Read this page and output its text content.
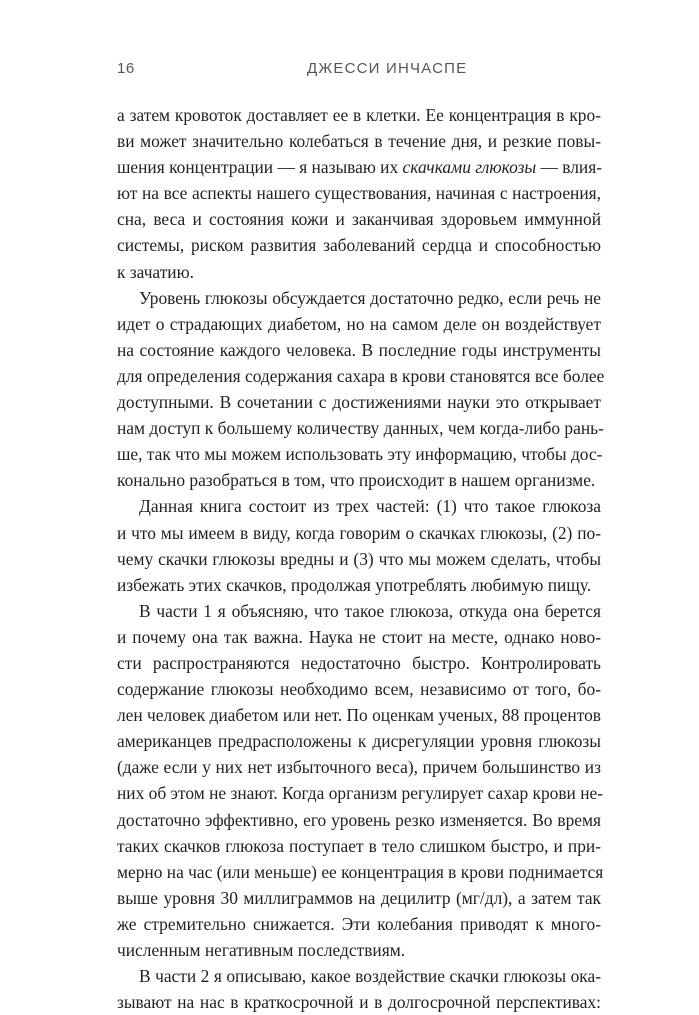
16	ДЖЕССИ ИНЧАСПЕ
а затем кровоток доставляет ее в клетки. Ее концентрация в кро-
ви может значительно колебаться в течение дня, и резкие повы-
шения концентрации — я называю их скачками глюкозы — влия-
ют на все аспекты нашего существования, начиная с настроения,
сна, веса и состояния кожи и заканчивая здоровьем иммунной
системы, риском развития заболеваний сердца и способностью
к зачатию.
Уровень глюкозы обсуждается достаточно редко, если речь не
идет о страдающих диабетом, но на самом деле он воздействует
на состояние каждого человека. В последние годы инструменты
для определения содержания сахара в крови становятся все более
доступными. В сочетании с достижениями науки это открывает
нам доступ к большему количеству данных, чем когда-либо рань-
ше, так что мы можем использовать эту информацию, чтобы дос-
конально разобраться в том, что происходит в нашем организме.
Данная книга состоит из трех частей: (1) что такое глюкоза
и что мы имеем в виду, когда говорим о скачках глюкозы, (2) по-
чему скачки глюкозы вредны и (3) что мы можем сделать, чтобы
избежать этих скачков, продолжая употреблять любимую пищу.
В части 1 я объясняю, что такое глюкоза, откуда она берется
и почему она так важна. Наука не стоит на месте, однако ново-
сти распространяются недостаточно быстро. Контролировать
содержание глюкозы необходимо всем, независимо от того, бо-
лен человек диабетом или нет. По оценкам ученых, 88 процентов
американцев предрасположены к дисрегуляции уровня глюкозы
(даже если у них нет избыточного веса), причем большинство из
них об этом не знают. Когда организм регулирует сахар крови не-
достаточно эффективно, его уровень резко изменяется. Во время
таких скачков глюкоза поступает в тело слишком быстро, и при-
мерно на час (или меньше) ее концентрация в крови поднимается
выше уровня 30 миллиграммов на децилитр (мг/дл), а затем так
же стремительно снижается. Эти колебания приводят к много-
численным негативным последствиям.
В части 2 я описываю, какое воздействие скачки глюкозы ока-
зывают на нас в краткосрочной и в долгосрочной перспективах:
